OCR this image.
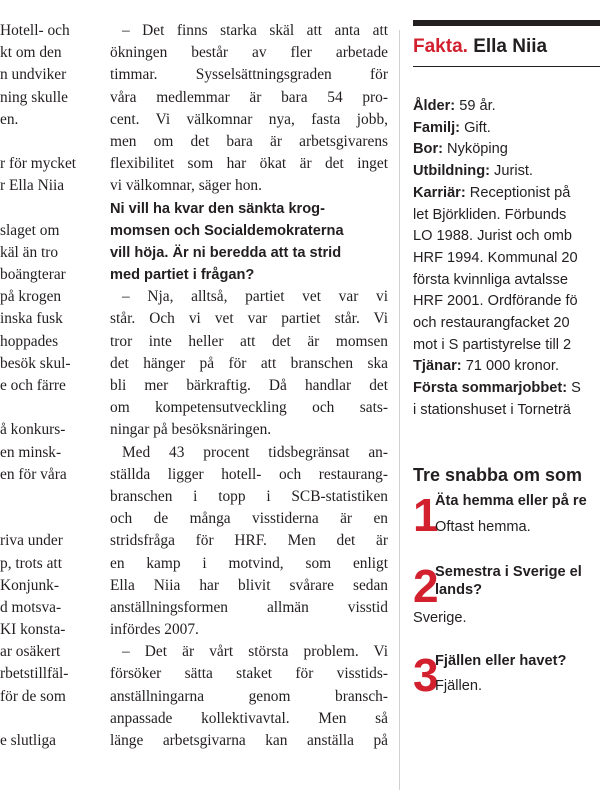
Hotell- och
kt om den
n undviker
ning skulle
en.
r för mycket
r Ella Niia
slaget om
käl än tro
boängterar
på krogen
inska fusk
hoppades
besök skul-
e och färre
å konkurs-
en minsk-
en för våra
riva under
p, trots att
Konjunk-
d motsva-
KI konsta-
ar osäkert
rbetstillfäl-
för de som
e slutliga
– Det finns starka skäl att anta att
ökningen består av fler arbetade
timmar. Sysselsättningsgraden för
våra medlemmar är bara 54 pro-
cent. Vi välkomnar nya, fasta jobb,
men om det bara är arbetsgivarens
flexibilitet som har ökat är det inget
vi välkomnar, säger hon.
Ni vill ha kvar den sänkta krog-
momsen och Socialdemokraterna
vill höja. Är ni beredda att ta strid
med partiet i frågan?
– Nja, alltså, partiet vet var vi
står. Och vi vet var partiet står. Vi
tror inte heller att det är momsen
det hänger på för att branschen ska
bli mer bärkraftig. Då handlar det
om kompetensutveckling och sats-
ningar på besöksnäringen.
Med 43 procent tidsbegränsat an-
ställda ligger hotell- och restaurang-
branschen i topp i SCB-statistiken
och de många visstiderna är en
stridsfråga för HRF. Men det är
en kamp i motvind, som enligt
Ella Niia har blivit svårare sedan
anställningsformen allmän visstid
infördes 2007.
– Det är vårt största problem. Vi
försöker sätta staket för visstids-
anställningarna genom bransch-
anpassade kollektivavtal. Men så
länge arbetsgivarna kan anställa på
Fakta. Ella Niia
Ålder: 59 år.
Familj: Gift.
Bor: Nyköping
Utbildning: Jurist.
Karriär: Receptionist på
let Björkliden. Förbunds
LO 1988. Jurist och omb
HRF 1994. Kommunal 20
första kvinnliga avtalsse
HRF 2001. Ordförande fö
och restaurangfacket 20
mot i S partistyrelse till 2
Tjänar: 71 000 kronor.
Första sommarjobbet: S
i stationshuset i Torneträ
Tre snabba om som
1
Äta hemma eller på re
Oftast hemma.
2
Semestra i Sverige el
lands?
Sverige.
3
Fjällen eller havet?
Fjällen.
